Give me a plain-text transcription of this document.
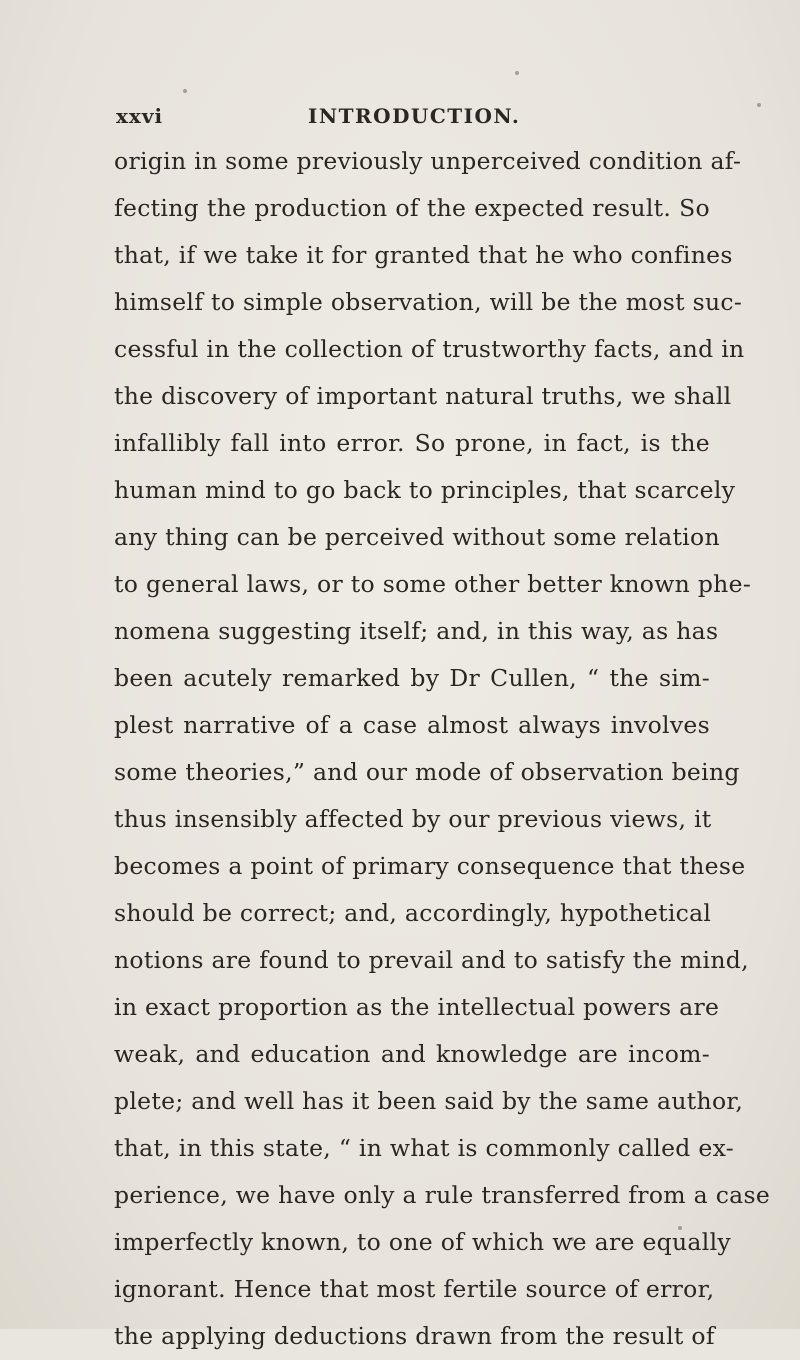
xxvi	INTRODUCTION.
origin in some previously unperceived condition af-
fecting the production of the expected result. So
that, if we take it for granted that he who confines
himself to simple observation, will be the most suc-
cessful in the collection of trustworthy facts, and in
the discovery of important natural truths, we shall
infallibly fall into error. So prone, in fact, is the
human mind to go back to principles, that scarcely
any thing can be perceived without some relation
to general laws, or to some other better known phe-
nomena suggesting itself; and, in this way, as has
been acutely remarked by Dr Cullen, “ the sim-
plest narrative of a case almost always involves
some theories,” and our mode of observation being
thus insensibly affected by our previous views, it
becomes a point of primary consequence that these
should be correct; and, accordingly, hypothetical
notions are found to prevail and to satisfy the mind,
in exact proportion as the intellectual powers are
weak, and education and knowledge are incom-
plete; and well has it been said by the same author,
that, in this state, “ in what is commonly called ex-
perience, we have only a rule transferred from a case
imperfectly known, to one of which we are equally
ignorant. Hence that most fertile source of error,
the applying deductions drawn from the result of
